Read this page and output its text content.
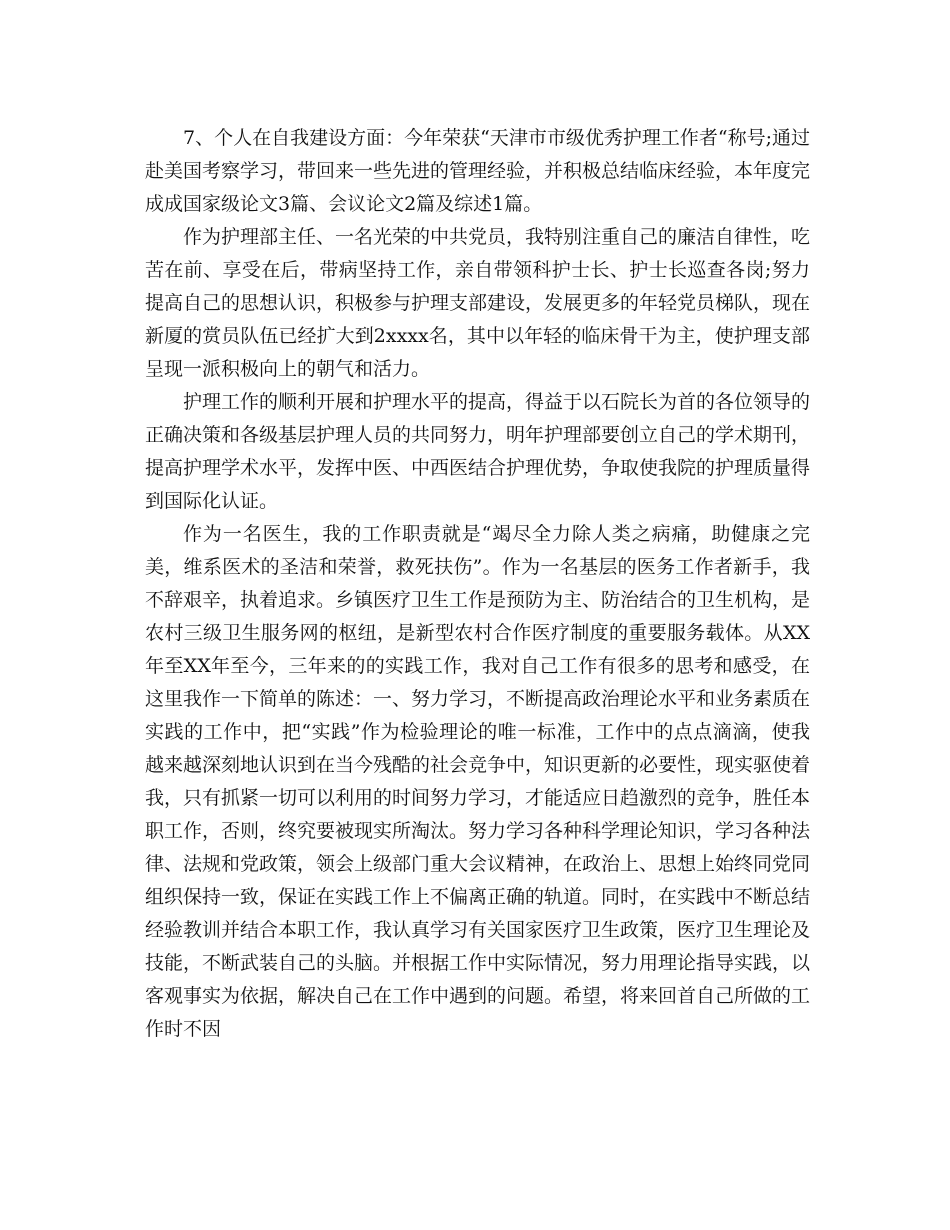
7、个人在自我建设方面：今年荣获“天津市市级优秀护理工作者“称号;通过赴美国考察学习，带回来一些先进的管理经验，并积极总结临床经验，本年度完成成国家级论文3篇、会议论文2篇及综述1篇。

作为护理部主任、一名光荣的中共党员，我特别注重自己的廉洁自律性，吃苦在前、享受在后，带病坚持工作，亲自带领科护士长、护士长巡查各岗;努力提高自己的思想认识，积极参与护理支部建设，发展更多的年轻党员梯队，现在新厦的赏员队伍已经扩大到2xxxx名，其中以年轻的临床骨干为主，使护理支部呈现一派积极向上的朝气和活力。

护理工作的顺利开展和护理水平的提高，得益于以石院长为首的各位领导的正确决策和各级基层护理人员的共同努力，明年护理部要创立自己的学术期刊，提高护理学术水平，发挥中医、中西医结合护理优势，争取使我院的护理质量得到国际化认证。

作为一名医生，我的工作职责就是“竭尽全力除人类之病痛，助健康之完美，维系医术的圣洁和荣誉，救死扶伤”。作为一名基层的医务工作者新手，我不辞艰辛，执着追求。乡镇医疗卫生工作是预防为主、防治结合的卫生机构，是农村三级卫生服务网的枢纽，是新型农村合作医疗制度的重要服务载体。从XX年至XX年至今，三年来的的实践工作，我对自己工作有很多的思考和感受，在这里我作一下简单的陈述：一、努力学习，不断提高政治理论水平和业务素质在实践的工作中，把“实践”作为检验理论的唯一标准，工作中的点点滴滴，使我越来越深刻地认识到在当今残酷的社会竞争中，知识更新的必要性，现实驱使着我，只有抓紧一切可以利用的时间努力学习，才能适应日趋激烈的竞争，胜任本职工作，否则，终究要被现实所淘汰。努力学习各种科学理论知识，学习各种法律、法规和党政策，领会上级部门重大会议精神，在政治上、思想上始终同党同组织保持一致，保证在实践工作上不偏离正确的轨道。同时，在实践中不断总结经验教训并结合本职工作，我认真学习有关国家医疗卫生政策，医疗卫生理论及技能，不断武装自己的头脑。并根据工作中实际情况，努力用理论指导实践，以客观事实为依据，解决自己在工作中遇到的问题。希望，将来回首自己所做的工作时不因
